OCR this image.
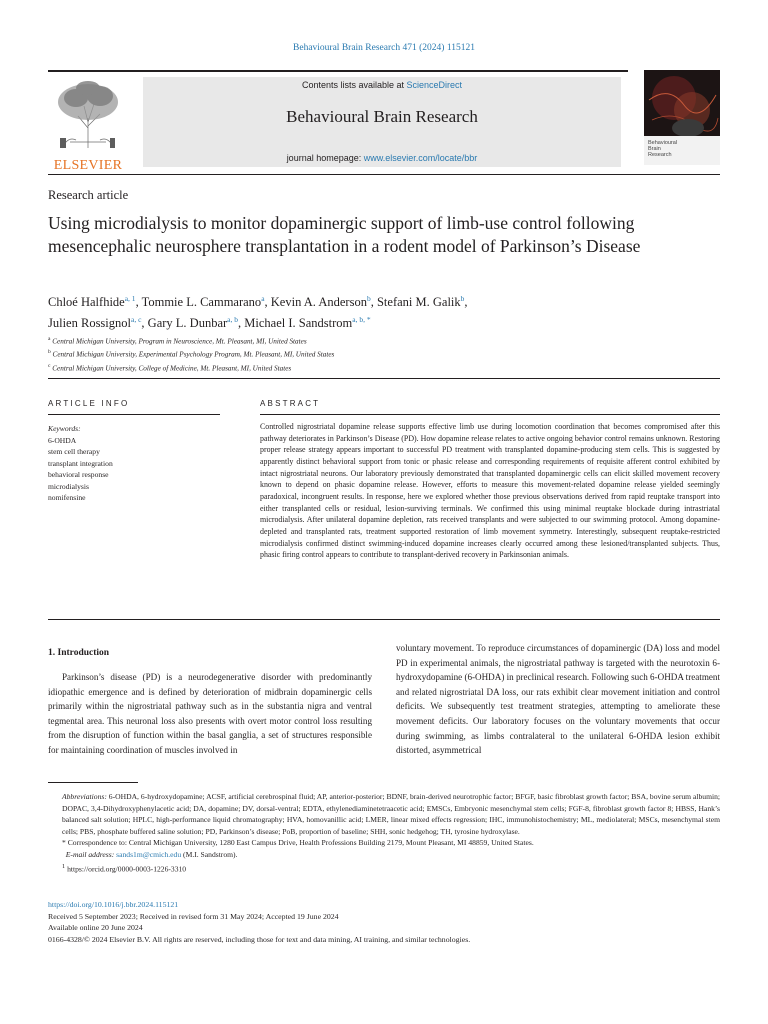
Behavioural Brain Research 471 (2024) 115121
ELSEVIER
Contents lists available at ScienceDirect
Behavioural Brain Research
journal homepage: www.elsevier.com/locate/bbr
Behavioural
Brain
Research
Research article
Using microdialysis to monitor dopaminergic support of limb-use control following mesencephalic neurosphere transplantation in a rodent model of Parkinson’s Disease
Chloé Halfhide$^{a, 1}$, Tommie L. Cammarano$^a$, Kevin A. Anderson$^b$, Stefani M. Galik$^b$,
Julien Rossignol$^{a, c}$, Gary L. Dunbar$^{a, b}$, Michael I. Sandstrom$^{a, b, *}$
$^a$ Central Michigan University, Program in Neuroscience, Mt. Pleasant, MI, United States
$^b$ Central Michigan University, Experimental Psychology Program, Mt. Pleasant, MI, United States
$^c$ Central Michigan University, College of Medicine, Mt. Pleasant, MI, United States
ARTICLE INFO	ABSTRACT
Keywords:
6-OHDA
stem cell therapy
transplant integration
behavioral response
microdialysis
nomifensine

Controlled nigrostriatal dopamine release supports effective limb use during locomotion coordination that becomes compromised after this pathway deteriorates in Parkinson’s Disease (PD). How dopamine release relates to active ongoing behavior control remains unknown. Restoring proper release strategy appears important to successful PD treatment with transplanted dopamine-producing stem cells. This is suggested by apparently distinct behavioral support from tonic or phasic release and corresponding requirements of requisite afferent control exhibited by intact nigrostriatal neurons. Our laboratory previously demonstrated that transplanted dopaminergic cells can elicit skilled movement recovery known to depend on phasic dopamine release. However, efforts to measure this movement-related dopamine release yielded seemingly paradoxical, incongruent results. In response, here we explored whether those previous observations derived from rapid reuptake transport into either transplanted cells or residual, lesion-surviving terminals. We confirmed this using minimal reuptake blockade during intrastriatal microdialysis. After unilateral dopamine depletion, rats received transplants and were subjected to our swimming protocol. Among dopamine-depleted and transplanted rats, treatment supported restoration of limb movement symmetry. Interestingly, subsequent reuptake-restricted microdialysis confirmed distinct swimming-induced dopamine increases clearly occurred among these lesioned/transplanted subjects. Thus, phasic firing control appears to contribute to transplant-derived recovery in Parkinsonian animals.

1. Introduction

Parkinson’s disease (PD) is a neurodegenerative disorder with predominantly idiopathic emergence and is defined by deterioration of midbrain dopaminergic cells primarily within the nigrostriatal pathway such as in the substantia nigra and ventral tegmental area. This neuronal loss also presents with overt motor control loss resulting from the disruption of function within the basal ganglia, a set of structures responsible for maintaining coordination of muscles involved in

voluntary movement. To reproduce circumstances of dopaminergic (DA) loss and model PD in experimental animals, the nigrostriatal pathway is targeted with the neurotoxin 6-hydroxydopamine (6-OHDA) in preclinical research. Following such 6-OHDA treatment and related nigrostriatal DA loss, our rats exhibit clear movement initiation and control deficits. We subsequently test treatment strategies, attempting to ameliorate these movement deficits. Our laboratory focuses on the voluntary movements that occur during swimming, as limbs contralateral to the unilateral 6-OHDA lesion exhibit distorted, asymmetrical

Abbreviations: 6-OHDA, 6-hydroxydopamine; ACSF, artificial cerebrospinal fluid; AP, anterior-posterior; BDNF, brain-derived neurotrophic factor; BFGF, basic fibroblast growth factor; BSA, bovine serum albumin; DOPAC, 3,4-Dihydroxyphenylacetic acid; DA, dopamine; DV, dorsal-ventral; EDTA, ethylenediaminetetraacetic acid; EMSCs, Embryonic mesenchymal stem cells; FGF-8, fibroblast growth factor 8; HBSS, Hank’s balanced salt solution; HPLC, high-performance liquid chromatography; HVA, homovanillic acid; LMER, linear mixed effects regression; IHC, immunohistochemistry; ML, mediolateral; MSCs, mesenchymal stem cells; PBS, phosphate buffered saline solution; PD, Parkinson’s disease; PoB, proportion of baseline; SHH, sonic hedgehog; TH, tyrosine hydroxylase.

* Correspondence to: Central Michigan University, 1280 East Campus Drive, Health Professions Building 2179, Mount Pleasant, MI 48859, United States.

E-mail address: sands1m@cmich.edu (M.I. Sandstrom).

$^1$ https://orcid.org/0000-0003-1226-3310

https://doi.org/10.1016/j.bbr.2024.115121
Received 5 September 2023; Received in revised form 31 May 2024; Accepted 19 June 2024
Available online 20 June 2024
0166-4328/© 2024 Elsevier B.V. All rights are reserved, including those for text and data mining, AI training, and similar technologies.
